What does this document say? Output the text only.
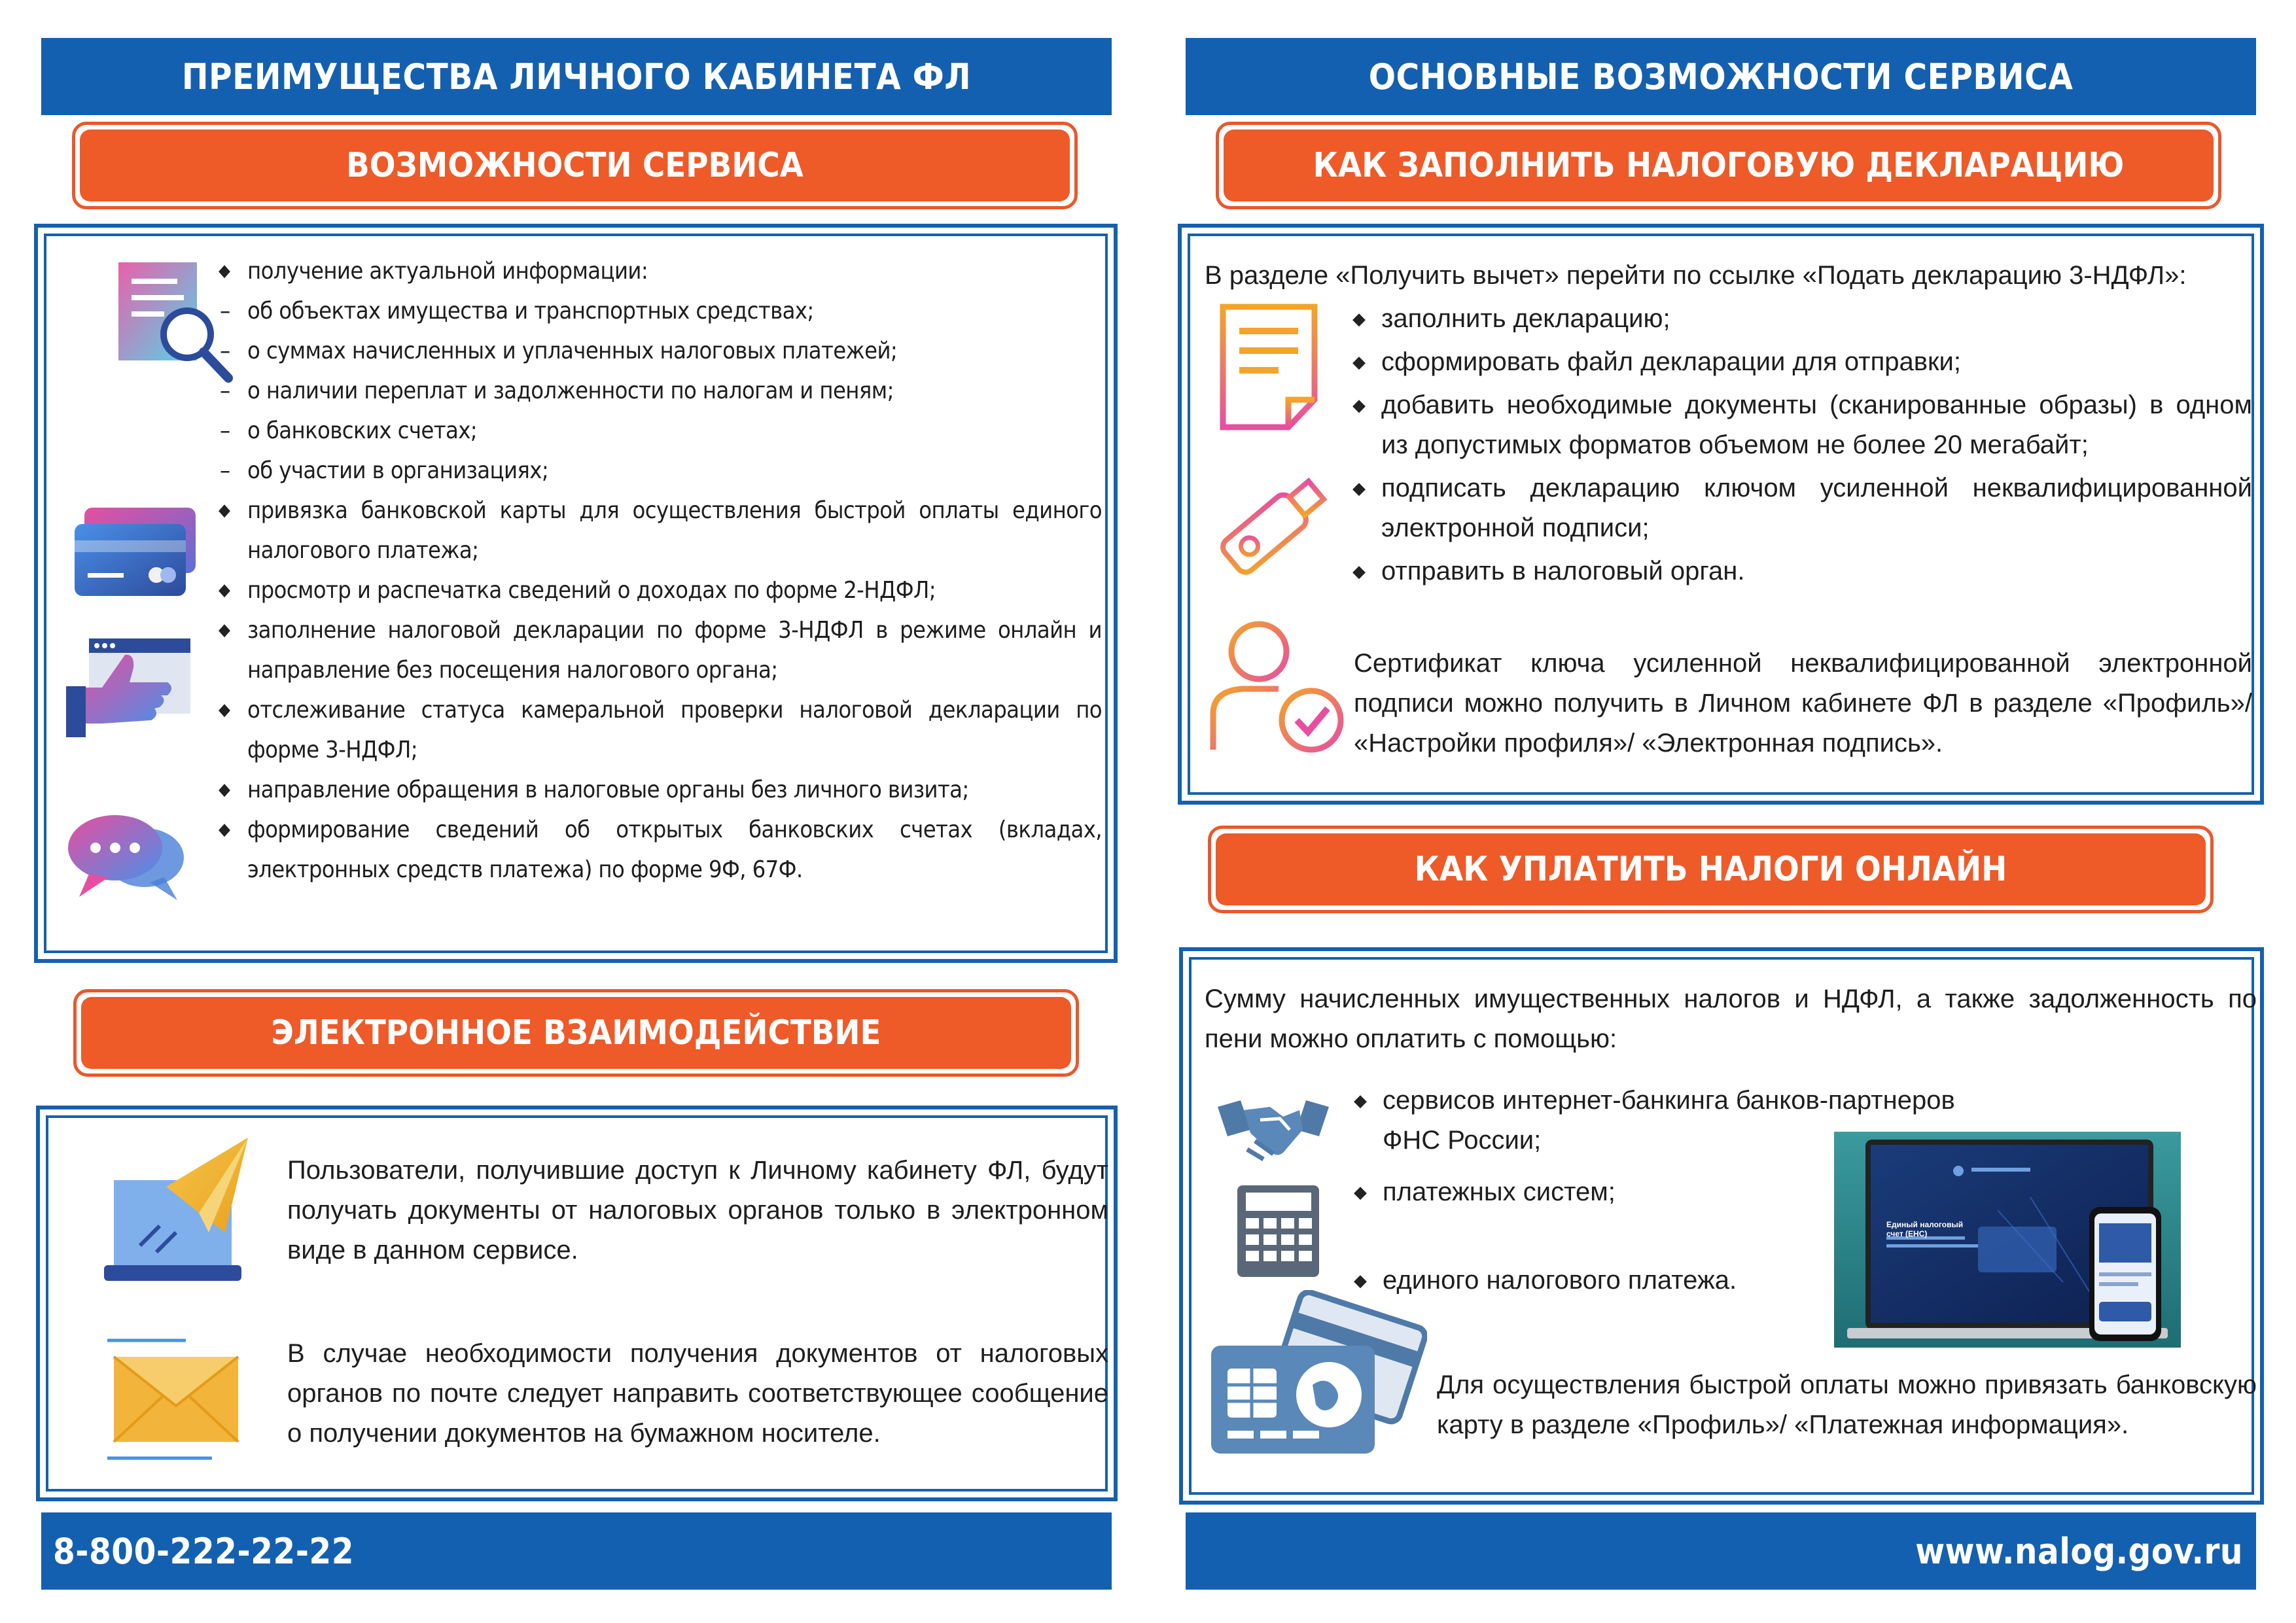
ПРЕИМУЩЕСТВА ЛИЧНОГО КАБИНЕТА ФЛ
ВОЗМОЖНОСТИ СЕРВИСА
◆ получение актуальной информации:
– об объектах имущества и транспортных средствах;
– о суммах начисленных и уплаченных налоговых платежей;
– о наличии переплат и задолженности по налогам и пеням;
– о банковских счетах;
– об участии в организациях;
◆ привязка банковской карты для осуществления быстрой оплаты единого налогового платежа;
◆ просмотр и распечатка сведений о доходах по форме 2-НДФЛ;
◆ заполнение налоговой декларации по форме 3-НДФЛ в режиме онлайн и направление без посещения налогового органа;
◆ отслеживание статуса камеральной проверки налоговой декларации по форме 3-НДФЛ;
◆ направление обращения в налоговые органы без личного визита;
◆ формирование сведений об открытых банковских счетах (вкладах, электронных средств платежа) по форме 9Ф, 67Ф.
ЭЛЕКТРОННОЕ ВЗАИМОДЕЙСТВИЕ
Пользователи, получившие доступ к Личному кабинету ФЛ, будут получать документы от налоговых органов только в электронном виде в данном сервисе.
В случае необходимости получения документов от налоговых органов по почте следует направить соответствующее сообщение о получении документов на бумажном носителе.
8-800-222-22-22
ОСНОВНЫЕ ВОЗМОЖНОСТИ СЕРВИСА
КАК ЗАПОЛНИТЬ НАЛОГОВУЮ ДЕКЛАРАЦИЮ
В разделе «Получить вычет» перейти по ссылке «Подать декларацию 3-НДФЛ»:
◆ заполнить декларацию;
◆ сформировать файл декларации для отправки;
◆ добавить необходимые документы (сканированные образы) в одном из допустимых форматов объемом не более 20 мегабайт;
◆ подписать декларацию ключом усиленной неквалифицированной электронной подписи;
◆ отправить в налоговый орган.
Сертификат ключа усиленной неквалифицированной электронной подписи можно получить в Личном кабинете ФЛ в разделе «Профиль»/ «Настройки профиля»/ «Электронная подпись».
КАК УПЛАТИТЬ НАЛОГИ ОНЛАЙН
Сумму начисленных имущественных налогов и НДФЛ, а также задолженность по пени можно оплатить с помощью:
◆ сервисов интернет-банкинга банков-партнеров ФНС России;
◆ платежных систем;
◆ единого налогового платежа.
Единый налоговый счет (ЕНС)
Для осуществления быстрой оплаты можно привязать банковскую карту в разделе «Профиль»/ «Платежная информация».
www.nalog.gov.ru
